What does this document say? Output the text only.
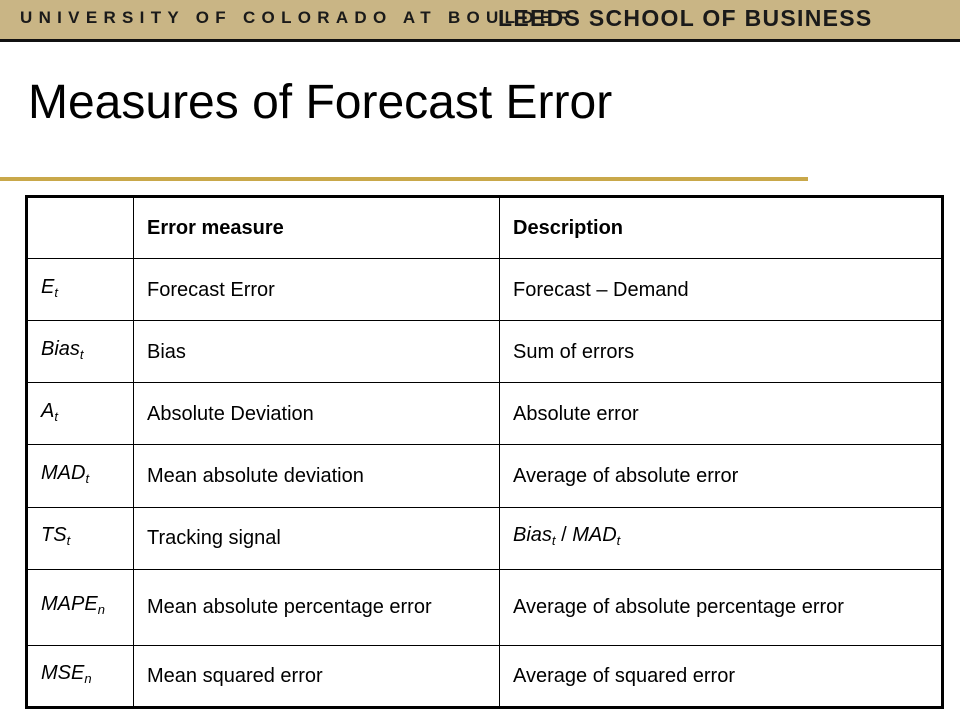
UNIVERSITY OF COLORADO AT BOULDER
LEEDS SCHOOL OF BUSINESS
Measures of Forecast Error
	Error measure	Description
$E_t$	Forecast Error	Forecast – Demand
Bias$_t$	Bias	Sum of errors
$A_t$	Absolute Deviation	Absolute error
$MAD_t$	Mean absolute deviation	Average of absolute error
$TS_t$	Tracking signal	Bias$_t$ / $MAD_t$
$MAPE_n$	Mean absolute percentage error	Average of absolute percentage error
$MSE_n$	Mean squared error	Average of squared error
